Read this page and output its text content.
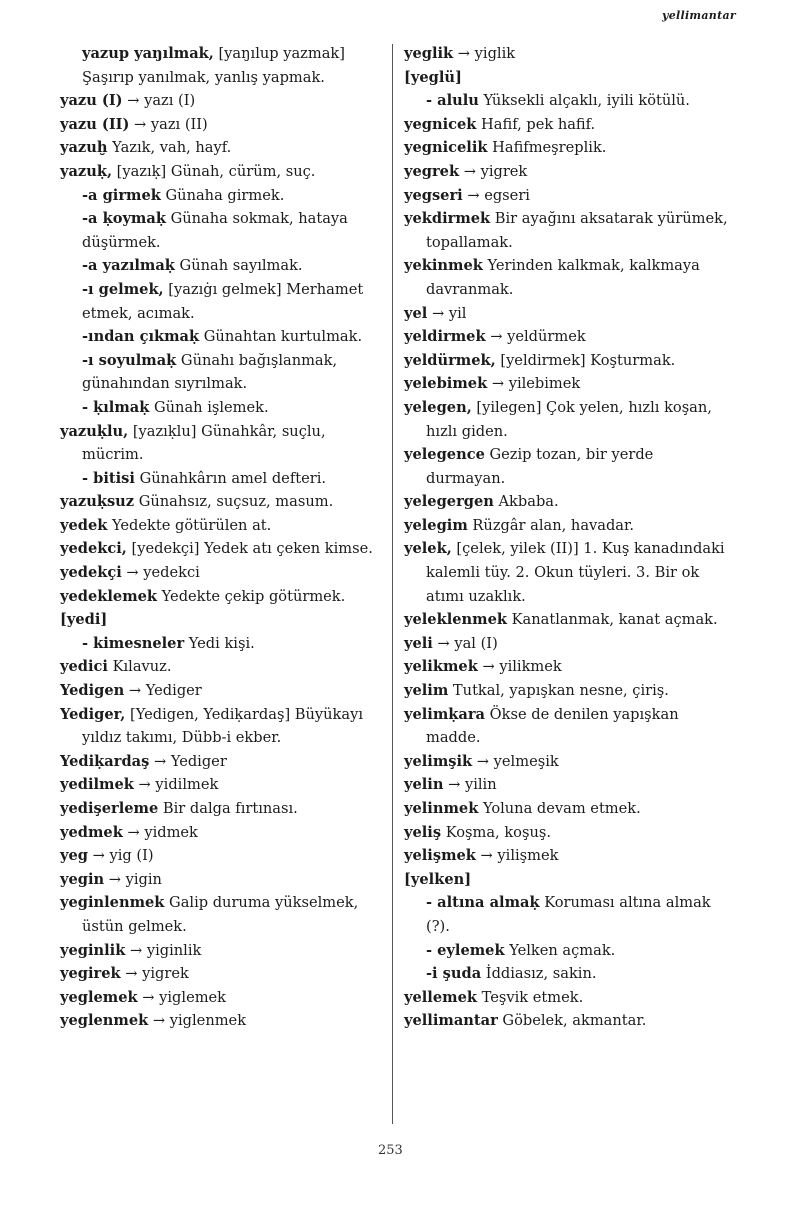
yellimantar
yazup yaŋılmak, [yaŋılup yazmak] Şaşırıp yanılmak, yanlış yapmak.
yazu (I) → yazı (I)
yazu (II) → yazı (II)
yazuḫ Yazık, vah, hayf.
yazuḳ, [yazıḳ] Günah, cürüm, suç.
-a girmek Günaha girmek.
-a ḳoymaḳ Günaha sokmak, hataya düşürmek.
-a yazılmaḳ Günah sayılmak.
-ı gelmek, [yazıġı gelmek] Merhamet etmek, acımak.
-ından çıkmaḳ Günahtan kurtulmak.
-ı soyulmaḳ Günahı bağışlanmak, günahından sıyrılmak.
- ḳılmaḳ Günah işlemek.
yazuḳlu, [yazıḳlu] Günahkâr, suçlu, mücrim.
- bitisi Günahkârın amel defteri.
yazuḳsuz Günahsız, suçsuz, masum.
yedek Yedekte götürülen at.
yedekci, [yedekçi] Yedek atı çeken kimse.
yedekçi → yedekci
yedeklemek Yedekte çekip götürmek.
[yedi]
- kimesneler Yedi kişi.
yedici Kılavuz.
Yedigen → Yediger
Yediger, [Yedigen, Yediḳardaş] Büyükayı yıldız takımı, Dübb-i ekber.
Yediḳardaş → Yediger
yedilmek → yidilmek
yedişerleme Bir dalga fırtınası.
yedmek → yidmek
yeg → yig (I)
yegin → yigin
yeginlenmek Galip duruma yükselmek, üstün gelmek.
yeginlik → yiginlik
yegirek → yigrek
yeglemek → yiglemek
yeglenmek → yiglenmek
yeglik → yiglik
[yeglü]
- alulu Yüksekli alçaklı, iyili kötülü.
yegnicek Hafif, pek hafif.
yegnicelik Hafifmeşreplik.
yegrek → yigrek
yegseri → egseri
yekdirmek Bir ayağını aksatarak yürümek, topallamak.
yekinmek Yerinden kalkmak, kalkmaya davranmak.
yel → yil
yeldirmek → yeldürmek
yeldürmek, [yeldirmek] Koşturmak.
yelebimek → yilebimek
yelegen, [yilegen] Çok yelen, hızlı koşan, hızlı giden.
yelegence Gezip tozan, bir yerde durmayan.
yelegergen Akbaba.
yelegim Rüzgâr alan, havadar.
yelek, [çelek, yilek (II)] 1. Kuş kanadındaki kalemli tüy. 2. Okun tüyleri. 3. Bir ok atımı uzaklık.
yeleklenmek Kanatlanmak, kanat açmak.
yeli → yal (I)
yelikmek → yilikmek
yelim Tutkal, yapışkan nesne, çiriş.
yelimḳara Ökse de denilen yapışkan madde.
yelimşik → yelmeşik
yelin → yilin
yelinmek Yoluna devam etmek.
yeliş Koşma, koşuş.
yelişmek → yilişmek
[yelken]
- altına almaḳ Koruması altına almak (?).
- eylemek Yelken açmak.
-i şuda İddiasız, sakin.
yellemek Teşvik etmek.
yellimantar Göbelek, akmantar.
253
